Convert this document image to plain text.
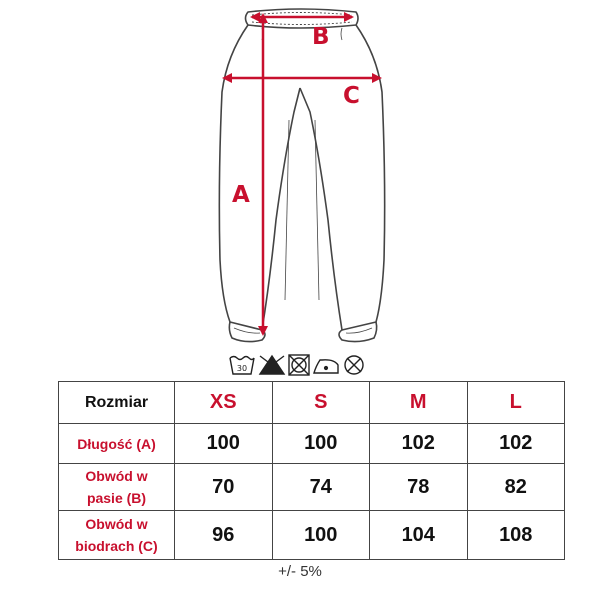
B
C
A
30
Rozmiar	XS	S	M	L
Długość (A)	100	100	102	102
Obwód w
pasie (B)	70	74	78	82
Obwód w
biodrach (C)	96	100	104	108
+/- 5%
